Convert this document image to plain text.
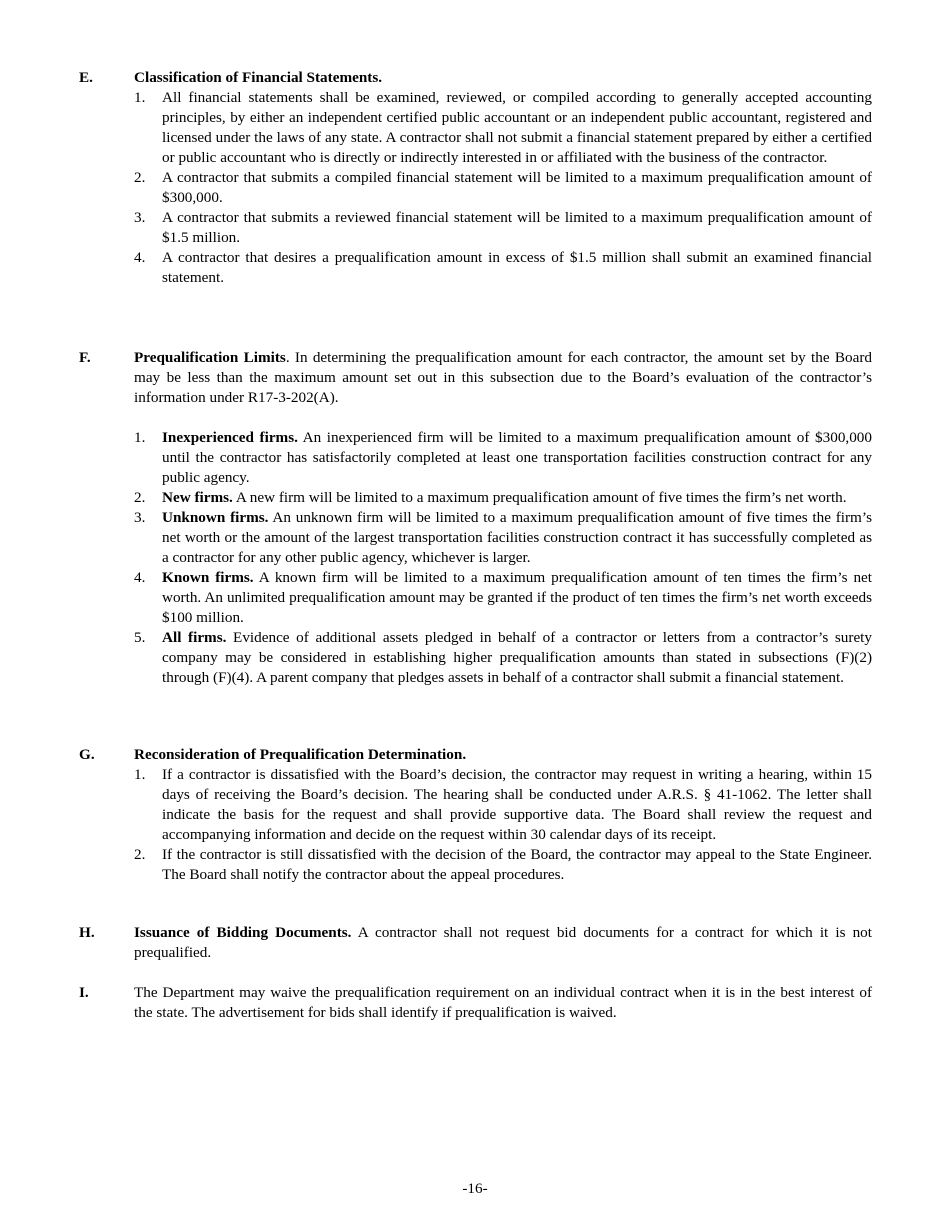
E.	Classification of Financial Statements.
1. All financial statements shall be examined, reviewed, or compiled according to generally accepted accounting principles, by either an independent certified public accountant or an independent public accountant, registered and licensed under the laws of any state. A contractor shall not submit a financial statement prepared by either a certified or public accountant who is directly or indirectly interested in or affiliated with the business of the contractor.
2. A contractor that submits a compiled financial statement will be limited to a maximum prequalification amount of $300,000.
3. A contractor that submits a reviewed financial statement will be limited to a maximum prequalification amount of $1.5 million.
4. A contractor that desires a prequalification amount in excess of $1.5 million shall submit an examined financial statement.
F.	Prequalification Limits. In determining the prequalification amount for each contractor, the amount set by the Board may be less than the maximum amount set out in this subsection due to the Board’s evaluation of the contractor’s information under R17-3-202(A).
1. Inexperienced firms. An inexperienced firm will be limited to a maximum prequalification amount of $300,000 until the contractor has satisfactorily completed at least one transportation facilities construction contract for any public agency.
2. New firms. A new firm will be limited to a maximum prequalification amount of five times the firm’s net worth.
3. Unknown firms. An unknown firm will be limited to a maximum prequalification amount of five times the firm’s net worth or the amount of the largest transportation facilities construction contract it has successfully completed as a contractor for any other public agency, whichever is larger.
4. Known firms. A known firm will be limited to a maximum prequalification amount of ten times the firm’s net worth. An unlimited prequalification amount may be granted if the product of ten times the firm’s net worth exceeds $100 million.
5. All firms. Evidence of additional assets pledged in behalf of a contractor or letters from a contractor’s surety company may be considered in establishing higher prequalification amounts than stated in subsections (F)(2) through (F)(4). A parent company that pledges assets in behalf of a contractor shall submit a financial statement.
G.	Reconsideration of Prequalification Determination.
1. If a contractor is dissatisfied with the Board’s decision, the contractor may request in writing a hearing, within 15 days of receiving the Board’s decision. The hearing shall be conducted under A.R.S. § 41-1062. The letter shall indicate the basis for the request and shall provide supportive data. The Board shall review the request and accompanying information and decide on the request within 30 calendar days of its receipt.
2. If the contractor is still dissatisfied with the decision of the Board, the contractor may appeal to the State Engineer. The Board shall notify the contractor about the appeal procedures.
H.	Issuance of Bidding Documents. A contractor shall not request bid documents for a contract for which it is not prequalified.
I.	The Department may waive the prequalification requirement on an individual contract when it is in the best interest of the state. The advertisement for bids shall identify if prequalification is waived.
-16-
